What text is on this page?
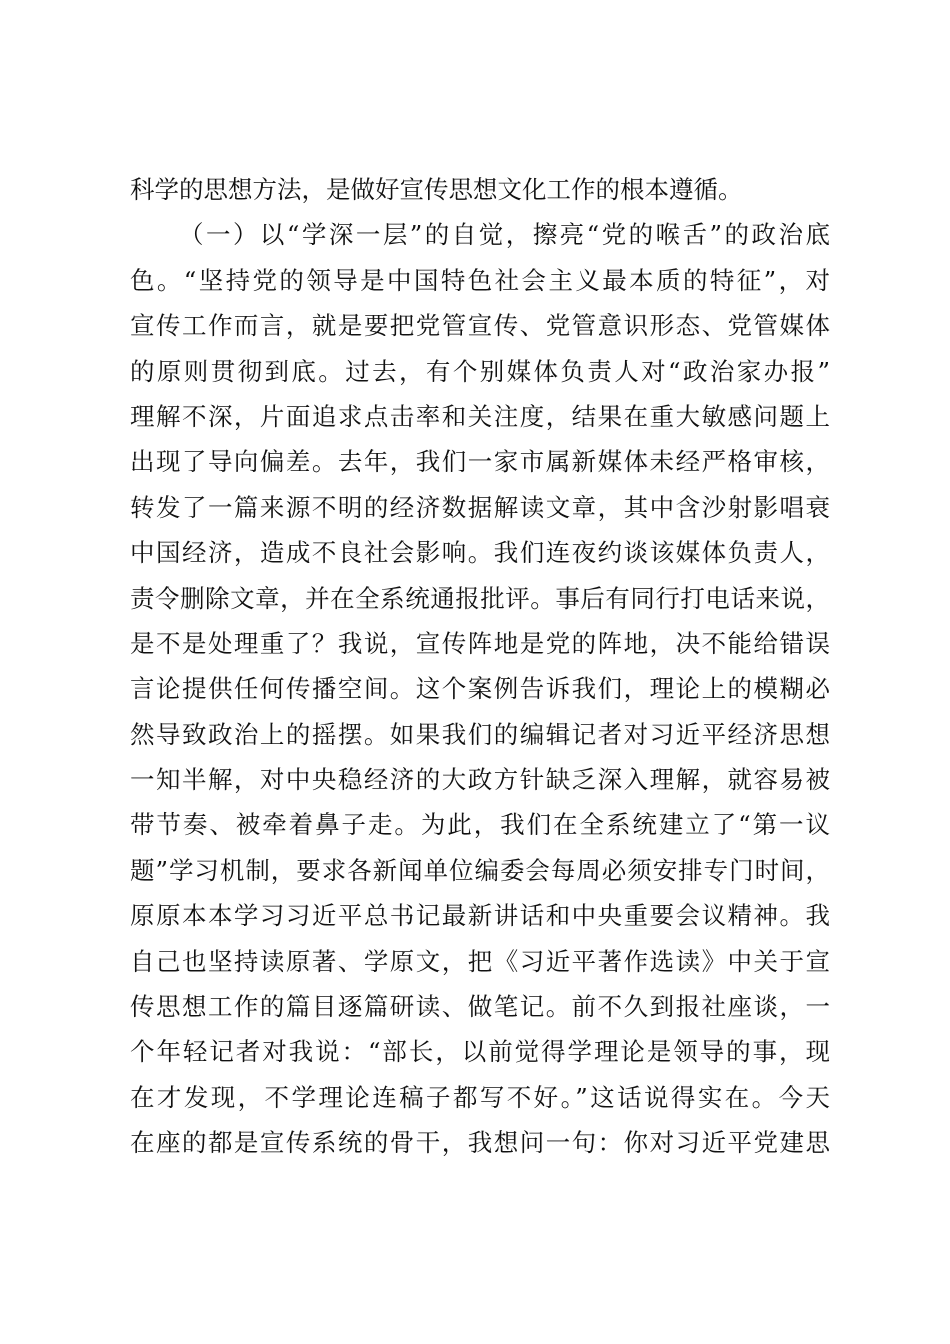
科学的思想方法，是做好宣传思想文化工作的根本遵循。
（一）以“学深一层”的自觉，擦亮“党的喉舌”的政治底
色。“坚持党的领导是中国特色社会主义最本质的特征”，对
宣传工作而言，就是要把党管宣传、党管意识形态、党管媒体
的原则贯彻到底。过去，有个别媒体负责人对“政治家办报”
理解不深，片面追求点击率和关注度，结果在重大敏感问题上
出现了导向偏差。去年，我们一家市属新媒体未经严格审核，
转发了一篇来源不明的经济数据解读文章，其中含沙射影唱衰
中国经济，造成不良社会影响。我们连夜约谈该媒体负责人，
责令删除文章，并在全系统通报批评。事后有同行打电话来说，
是不是处理重了？我说，宣传阵地是党的阵地，决不能给错误
言论提供任何传播空间。这个案例告诉我们，理论上的模糊必
然导致政治上的摇摆。如果我们的编辑记者对习近平经济思想
一知半解，对中央稳经济的大政方针缺乏深入理解，就容易被
带节奏、被牵着鼻子走。为此，我们在全系统建立了“第一议
题”学习机制，要求各新闻单位编委会每周必须安排专门时间，
原原本本学习习近平总书记最新讲话和中央重要会议精神。我
自己也坚持读原著、学原文，把《习近平著作选读》中关于宣
传思想工作的篇目逐篇研读、做笔记。前不久到报社座谈，一
个年轻记者对我说：“部长，以前觉得学理论是领导的事，现
在才发现，不学理论连稿子都写不好。”这话说得实在。今天
在座的都是宣传系统的骨干，我想问一句：你对习近平党建思
